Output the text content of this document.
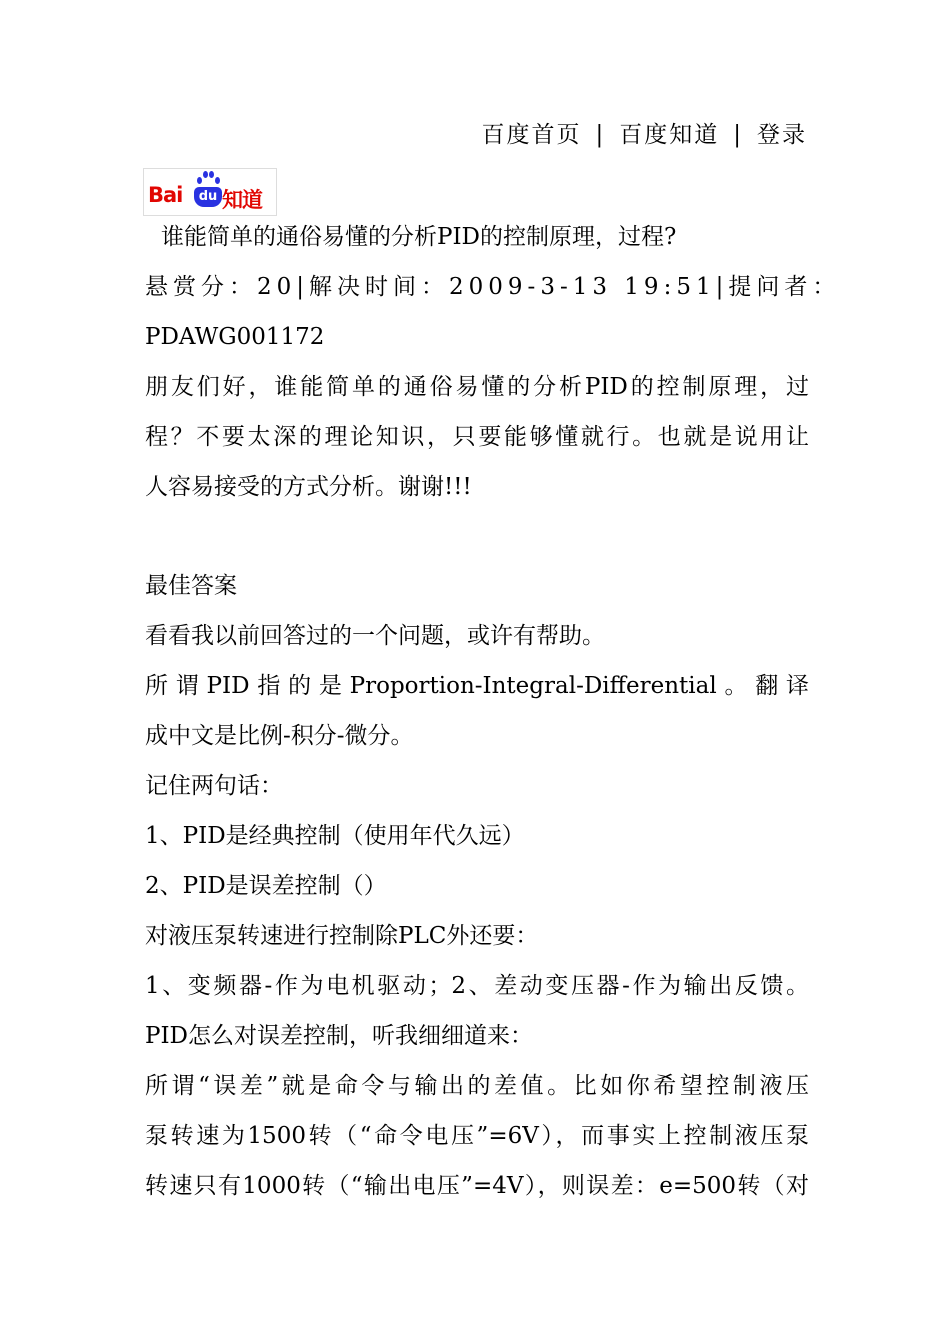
百度首页 | 百度知道 | 登录
Bai	du 知道
谁能简单的通俗易懂的分析PID的控制原理，过程?
悬赏分：20|解决时间：2009-3-13 19:51|提问者：
PDAWG001172
朋友们好，谁能简单的通俗易懂的分析PID的控制原理，过
程？不要太深的理论知识，只要能够懂就行。也就是说用让
人容易接受的方式分析。谢谢!!!
最佳答案
看看我以前回答过的一个问题，或许有帮助。
所谓PID指的是Proportion-Integral-Differential。翻译
成中文是比例-积分-微分。
记住两句话：
1、PID是经典控制（使用年代久远）
2、PID是误差控制（）
对液压泵转速进行控制除PLC外还要：
1、变频器-作为电机驱动；2、差动变压器-作为输出反馈。
PID怎么对误差控制，听我细细道来：
所谓“误差”就是命令与输出的差值。比如你希望控制液压
泵转速为1500转（“命令电压”=6V），而事实上控制液压泵
转速只有1000转（“输出电压”=4V），则误差：e=500转（对
